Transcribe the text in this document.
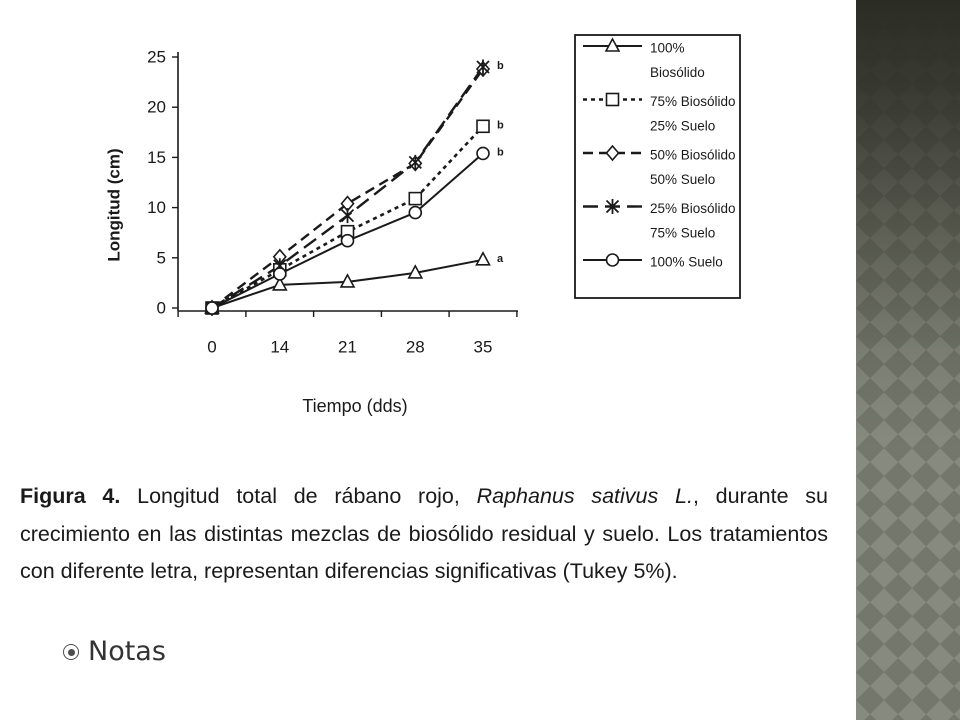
0
5
10
15
20
25
0	14	21	28	35
Tiempo (dds)
Longitud (cm)	a
b
b
b
100%
Biosólido
75% Biosólido
25% Suelo
50% Biosólido
50% Suelo
25% Biosólido
75% Suelo
100% Suelo
Figura 4. Longitud total de rábano rojo, Raphanus sativus L., durante su
crecimiento en las distintas mezclas de biosólido residual y suelo. Los tratamientos
con diferente letra, representan diferencias significativas (Tukey 5%).
Notas
